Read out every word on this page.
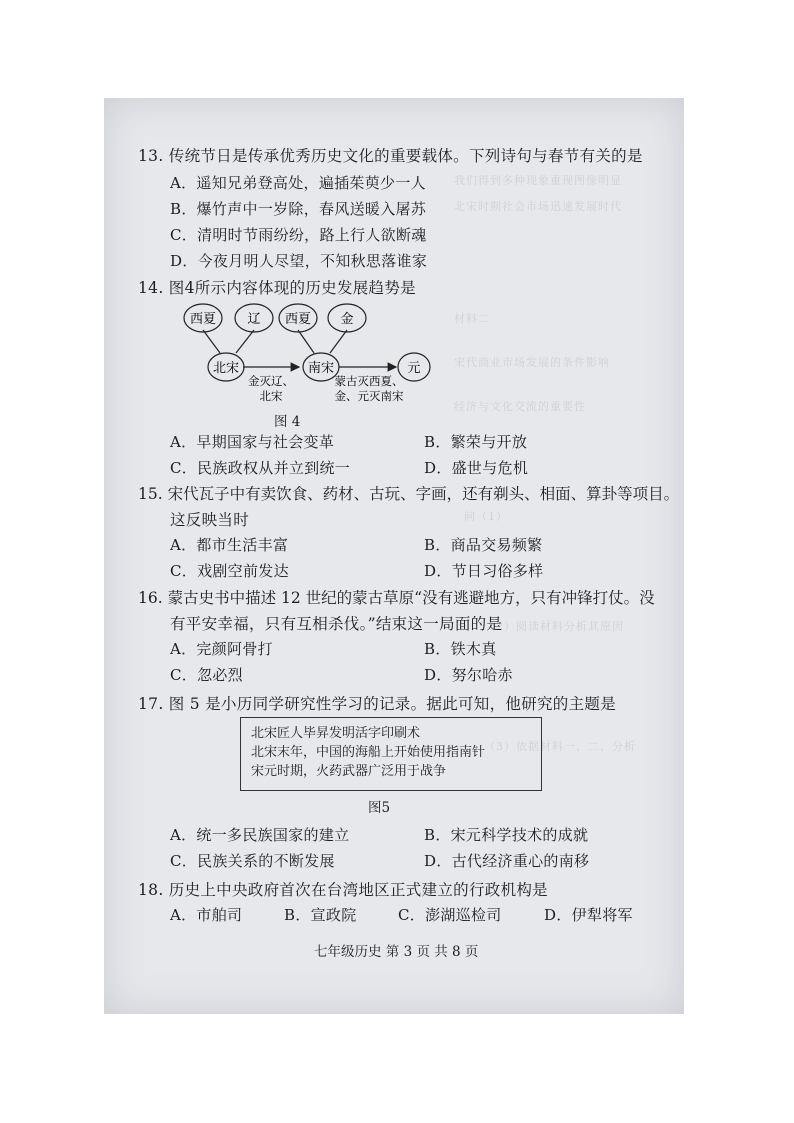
我们得到多种现象重现图像明显
北宋时期社会市场迅速发展时代
材料二
宋代商业市场发展的条件影响
经济与文化交流的重要性
问（1）
（2）阅读材料分析其原因
（3）依据材料一、二、分析
13. 传统节日是传承优秀历史文化的重要载体。下列诗句与春节有关的是
A．遥知兄弟登高处，遍插茱萸少一人
B．爆竹声中一岁除，春风送暖入屠苏
C．清明时节雨纷纷，路上行人欲断魂
D．今夜月明人尽望，不知秋思落谁家
14. 图4所示内容体现的历史发展趋势是
西夏 辽 西夏 金
北宋	南宋	元
金灭辽、
北宋
蒙古灭西夏、
金、元灭南宋
图 4
A．早期国家与社会变革	B．繁荣与开放
C．民族政权从并立到统一	D．盛世与危机
15. 宋代瓦子中有卖饮食、药材、古玩、字画，还有剃头、相面、算卦等项目。
这反映当时
A．都市生活丰富	B．商品交易频繁
C．戏剧空前发达	D．节日习俗多样
16. 蒙古史书中描述 12 世纪的蒙古草原“没有逃避地方，只有冲锋打仗。没
有平安幸福，只有互相杀伐。”结束这一局面的是
A．完颜阿骨打	B．铁木真
C．忽必烈	D．努尔哈赤
17. 图 5 是小历同学研究性学习的记录。据此可知，他研究的主题是
北宋匠人毕昇发明活字印刷术
北宋末年，中国的海船上开始使用指南针
宋元时期，火药武器广泛用于战争
图5
A．统一多民族国家的建立	B．宋元科学技术的成就
C．民族关系的不断发展	D．古代经济重心的南移
18. 历史上中央政府首次在台湾地区正式建立的行政机构是
A．市舶司	B．宣政院	C．澎湖巡检司	D．伊犁将军
七年级历史 第 3 页 共 8 页
